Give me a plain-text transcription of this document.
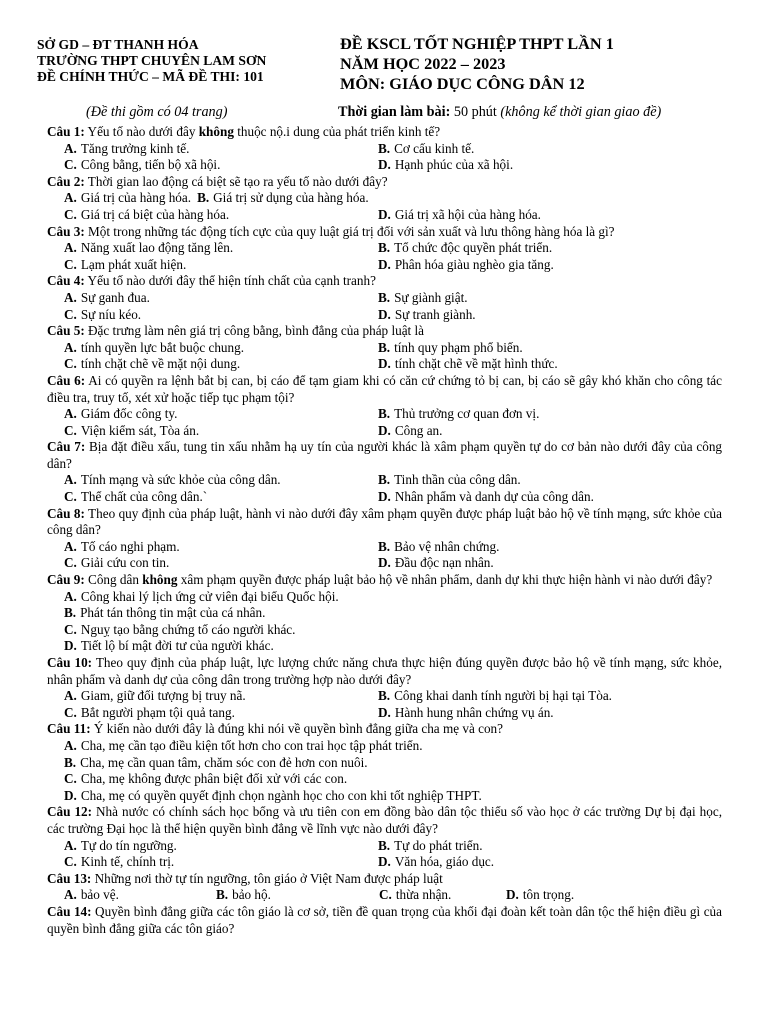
SỞ GD – ĐT THANH HÓA
TRƯỜNG THPT CHUYÊN LAM SƠN
ĐỀ CHÍNH THỨC – MÃ ĐỀ THI: 101
ĐỀ KSCL TỐT NGHIỆP THPT LẦN 1
NĂM HỌC 2022 – 2023
MÔN: GIÁO DỤC CÔNG DÂN 12
(Đề thi gồm có 04 trang)	Thời gian làm bài: 50 phút (không kể thời gian giao đề)
Câu 1: Yếu tố nào dưới đây không thuộc nộ.i dung của phát triển kinh tế?
A. Tăng trưởng kinh tế.	B. Cơ cấu kinh tế.
C. Công bằng, tiến bộ xã hội.	D. Hạnh phúc của xã hội.
Câu 2: Thời gian lao động cá biệt sẽ tạo ra yếu tố nào dưới đây?
A. Giá trị của hàng hóa. B. Giá trị sử dụng của hàng hóa.
C. Giá trị cá biệt của hàng hóa.	D. Giá trị xã hội của hàng hóa.
Câu 3: Một trong những tác động tích cực của quy luật giá trị đối với sản xuất và lưu thông hàng hóa là gì?
A. Năng xuất lao động tăng lên.	B. Tổ chức độc quyền phát triển.
C. Lạm phát xuất hiện.	D. Phân hóa giàu nghèo gia tăng.
Câu 4: Yếu tố nào dưới đây thể hiện tính chất của cạnh tranh?
A. Sự ganh đua.	B. Sự giành giật.
C. Sự níu kéo.	D. Sự tranh giành.
Câu 5: Đặc trưng làm nên giá trị công bằng, bình đẳng của pháp luật là
A. tính quyền lực bắt buộc chung.	B. tính quy phạm phổ biến.
C. tính chặt chẽ về mặt nội dung.	D. tính chặt chẽ về mặt hình thức.
Câu 6: Ai có quyền ra lệnh bắt bị can, bị cáo để tạm giam khi có căn cứ chứng tỏ bị can, bị cáo sẽ gây khó khăn cho công tác điều tra, truy tố, xét xử hoặc tiếp tục phạm tội?
A. Giám đốc công ty.	B. Thủ trưởng cơ quan đơn vị.
C. Viện kiểm sát, Tòa án.	D. Công an.
Câu 7: Bịa đặt điều xấu, tung tin xấu nhằm hạ uy tín của người khác là xâm phạm quyền tự do cơ bản nào dưới đây của công dân?
A. Tính mạng và sức khỏe của công dân.	B. Tinh thần của công dân.
C. Thể chất của công dân.`	D. Nhân phẩm và danh dự của công dân.
Câu 8: Theo quy định của pháp luật, hành vi nào dưới đây xâm phạm quyền được pháp luật bảo hộ về tính mạng, sức khỏe của công dân?
A. Tố cáo nghi phạm.	B. Bảo vệ nhân chứng.
C. Giải cứu con tin.	D. Đầu độc nạn nhân.
Câu 9: Công dân không xâm phạm quyền được pháp luật bảo hộ về nhân phẩm, danh dự khi thực hiện hành vi nào dưới đây?
A. Công khai lý lịch ứng cử viên đại biểu Quốc hội.
B. Phát tán thông tin mật của cá nhân.
C. Nguỵ tạo bằng chứng tố cáo người khác.
D. Tiết lộ bí mật đời tư của người khác.
Câu 10: Theo quy định của pháp luật, lực lượng chức năng chưa thực hiện đúng quyền được bảo hộ về tính mạng, sức khỏe, nhân phẩm và danh dự của công dân trong trường hợp nào dưới đây?
A. Giam, giữ đối tượng bị truy nã.	B. Công khai danh tính người bị hại tại Tòa.
C. Bắt người phạm tội quả tang.	D. Hành hung nhân chứng vụ án.
Câu 11: Ý kiến nào dưới đây là đúng khi nói về quyền bình đẳng giữa cha mẹ và con?
A. Cha, mẹ cần tạo điều kiện tốt hơn cho con trai học tập phát triển.
B. Cha, mẹ cần quan tâm, chăm sóc con đẻ hơn con nuôi.
C. Cha, mẹ không được phân biệt đối xử với các con.
D. Cha, mẹ có quyền quyết định chọn ngành học cho con khi tốt nghiệp THPT.
Câu 12: Nhà nước có chính sách học bổng và ưu tiên con em đồng bào dân tộc thiểu số vào học ở các trường Dự bị đại học, các trường Đại học là thể hiện quyền bình đẳng về lĩnh vực nào dưới đây?
A. Tự do tín ngưỡng.	B. Tự do phát triển.
C. Kinh tế, chính trị.	D. Văn hóa, giáo dục.
Câu 13: Những nơi thờ tự tín ngưỡng, tôn giáo ở Việt Nam được pháp luật
A. bảo vệ.	B. bảo hộ.	C. thừa nhận.	D. tôn trọng.
Câu 14: Quyền bình đẳng giữa các tôn giáo là cơ sở, tiền đề quan trọng của khối đại đoàn kết toàn dân tộc thể hiện điều gì của quyền bình đẳng giữa các tôn giáo?
